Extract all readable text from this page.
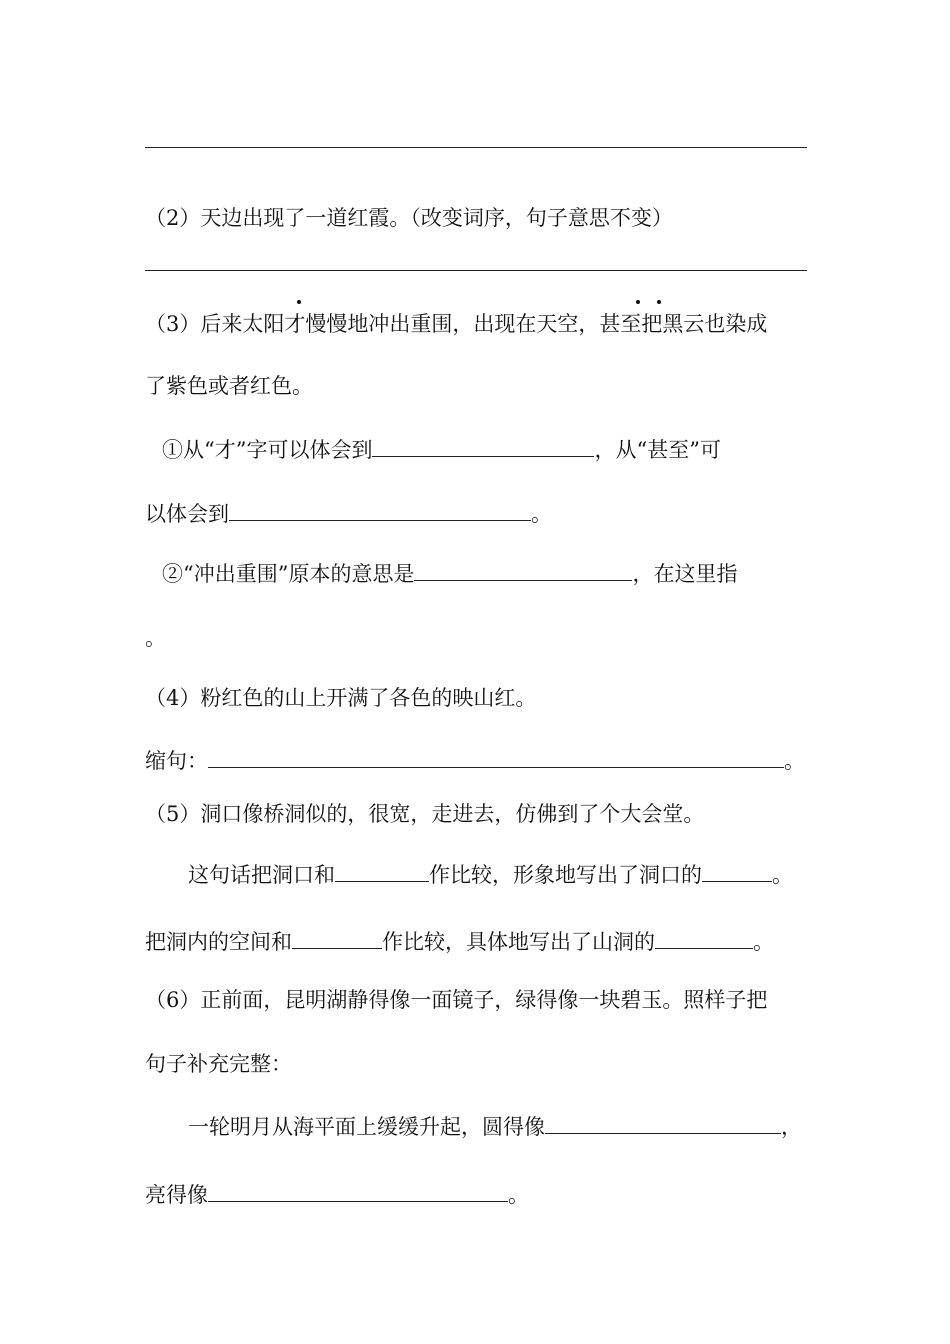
（2）天边出现了一道红霞。（改变词序，句子意思不变）
（3）后来太阳才慢慢地冲出重围，出现在天空，甚至把黑云也染成
了紫色或者红色。
①从“才”字可以体会到	，从“甚至”可
以体会到	。
②“冲出重围”原本的意思是	，在这里指
。
（4）粉红色的山上开满了各色的映山红。
缩句：	。
（5）洞口像桥洞似的，很宽，走进去，仿佛到了个大会堂。
这句话把洞口和	作比较，形象地写出了洞口的	。
把洞内的空间和	作比较，具体地写出了山洞的	。
（6）正前面，昆明湖静得像一面镜子，绿得像一块碧玉。照样子把
句子补充完整：
一轮明月从海平面上缓缓升起，圆得像	，
亮得像	。
